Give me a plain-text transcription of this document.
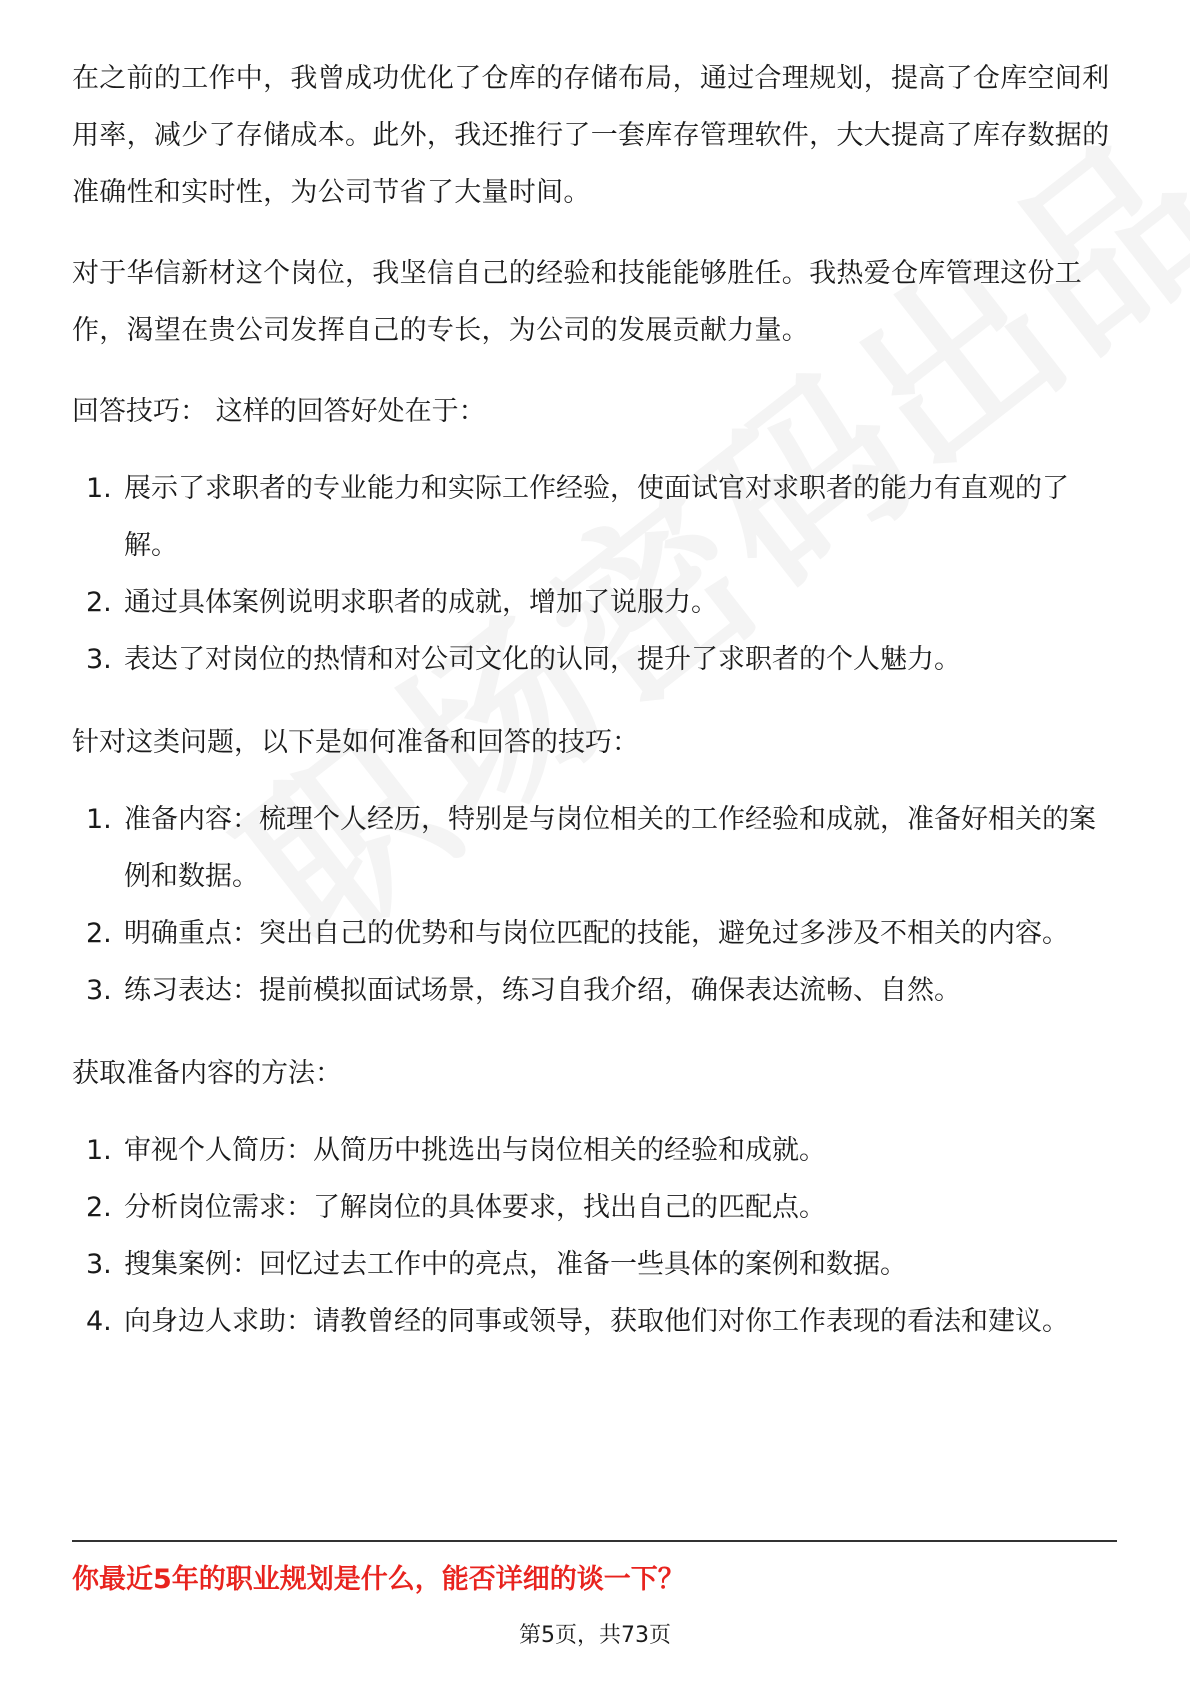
在之前的工作中，我曾成功优化了仓库的存储布局，通过合理规划，提高了仓库空间利用率，减少了存储成本。此外，我还推行了一套库存管理软件，大大提高了库存数据的准确性和实时性，为公司节省了大量时间。

对于华信新材这个岗位，我坚信自己的经验和技能能够胜任。我热爱仓库管理这份工作，渴望在贵公司发挥自己的专长，为公司的发展贡献力量。

回答技巧： 这样的回答好处在于：
1. 展示了求职者的专业能力和实际工作经验，使面试官对求职者的能力有直观的了解。
2. 通过具体案例说明求职者的成就，增加了说服力。
3. 表达了对岗位的热情和对公司文化的认同，提升了求职者的个人魅力。
针对这类问题，以下是如何准备和回答的技巧：
1. 准备内容：梳理个人经历，特别是与岗位相关的工作经验和成就，准备好相关的案例和数据。
2. 明确重点：突出自己的优势和与岗位匹配的技能，避免过多涉及不相关的内容。
3. 练习表达：提前模拟面试场景，练习自我介绍，确保表达流畅、自然。
获取准备内容的方法：
1. 审视个人简历：从简历中挑选出与岗位相关的经验和成就。
2. 分析岗位需求：了解岗位的具体要求，找出自己的匹配点。
3. 搜集案例：回忆过去工作中的亮点，准备一些具体的案例和数据。
4. 向身边人求助：请教曾经的同事或领导，获取他们对你工作表现的看法和建议。
你最近5年的职业规划是什么，能否详细的谈一下？
第5页，共73页
